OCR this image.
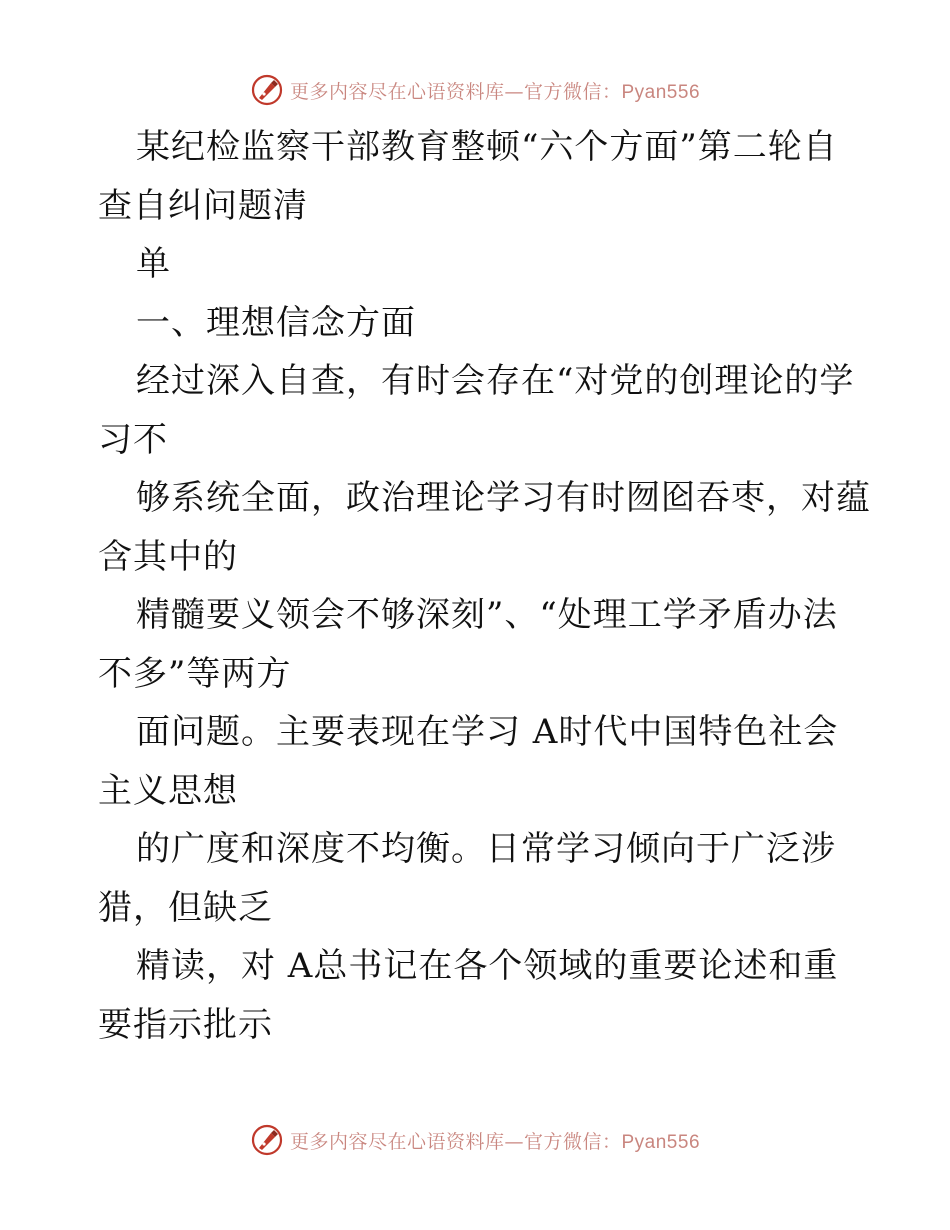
更多内容尽在心语资料库—官方微信：Pyan556
某纪检监察干部教育整顿“六个方面”第二轮自
查自纠问题清
单
一、理想信念方面
经过深入自查，有时会存在“对党的创理论的学
习不
够系统全面，政治理论学习有时囫囵吞枣，对蕴
含其中的
精髓要义领会不够深刻”、“处理工学矛盾办法
不多”等两方
面问题。主要表现在学习 A时代中国特色社会
主义思想
的广度和深度不均衡。日常学习倾向于广泛涉
猎，但缺乏
精读，对 A总书记在各个领域的重要论述和重
要指示批示
更多内容尽在心语资料库—官方微信：Pyan556
